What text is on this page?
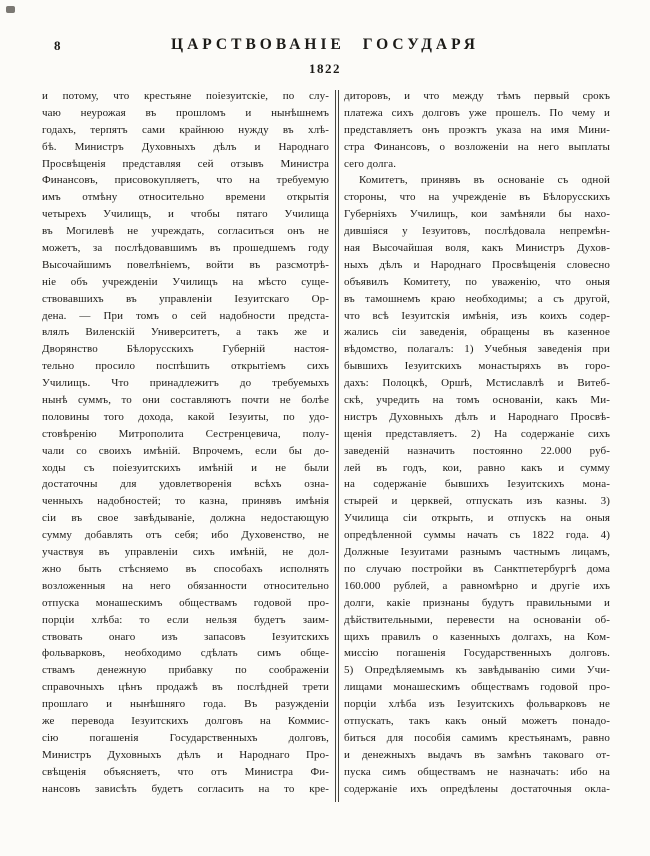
8	ЦАРСТВОВАНІЕ ГОСУДАРЯ
1822
и потому, что крестьяне поіезуитскіе, по слу-
чаю неурожая въ прошломъ и нынѣшнемъ
годахъ, терпятъ сами крайнюю нужду въ хлѣ-
бѣ. Министръ Духовныхъ дѣлъ и Народнаго
Просвѣщенія представляя сей отзывъ Министра
Финансовъ, присовокупляетъ, что на требуемую
имъ отмѣну относительно времени открытія
четырехъ Училищъ, и чтобы пятаго Училища
въ Могилевѣ не учреждать, согласиться онъ не
можетъ, за послѣдовавшимъ въ прошедшемъ году
Высочайшимъ повелѣніемъ, войти въ разсмотрѣ-
ніе объ учрежденіи Училищъ на мѣсто суще-
ствовавшихъ въ управленіи Іезуитскаго Ор-
дена. — При томъ о сей надобности предста-
влялъ Виленскій Университетъ, а такъ же и
Дворянство Бѣлорусскихъ Губерній настоя-
тельно просило поспѣшить открытіемъ сихъ
Училищъ. Что принадлежитъ до требуемыхъ
нынѣ суммъ, то они составляютъ почти не болѣе
половины того дохода, какой Іезуиты, по удо-
стовѣренію Митрополита Сестренцевича, полу-
чали со своихъ имѣній. Впрочемъ, если бы до-
ходы съ поіезуитскихъ имѣній и не были
достаточны для удовлетворенія всѣхъ озна-
ченныхъ надобностей; то казна, принявъ имѣнія
сіи въ свое завѣдываніе, должна недостающую
сумму добавлять отъ себя; ибо Духовенство, не
участвуя въ управленіи сихъ имѣній, не дол-
жно быть стѣсняемо въ способахъ исполнять
возложенныя на него обязанности относительно
отпуска монашескимъ обществамъ годовой про-
порціи хлѣба: то если нельзя будетъ заим-
ствовать онаго изъ запасовъ Іезуитскихъ
фольварковъ, необходимо сдѣлать симъ обще-
ствамъ денежную прибавку по соображеніи
справочныхъ цѣнъ продажѣ въ послѣдней трети
прошлаго и нынѣшняго года. Въ разужденіи
же перевода Іезуитскихъ долговъ на Коммис-
сію погашенія Государственныхъ долговъ,
Министръ Духовныхъ дѣлъ и Народнаго Про-
свѣщенія объясняетъ, что отъ Министра Фи-
нансовъ зависѣть будетъ согласить на то кре-
диторовъ, и что между тѣмъ первый срокъ
платежа сихъ долговъ уже прошелъ. По чему и
представляетъ онъ проэктъ указа на имя Мини-
стра Финансовъ, о возложеніи на него выплаты
сего долга.
Комитетъ, принявъ въ основаніе съ одной
стороны, что на учрежденіе въ Бѣлорусскихъ
Губерніяхъ Училищъ, кои замѣняли бы нахо-
дившіяся у Іезуитовъ, послѣдовала непремѣн-
ная Высочайшая воля, какъ Министръ Духов-
ныхъ дѣлъ и Народнаго Просвѣщенія словесно
объявилъ Комитету, по уваженію, что оныя
въ тамошнемъ краю необходимы; а съ другой,
что всѣ Іезуитскія имѣнія, изъ коихъ содер-
жались сіи заведенія, обращены въ казенное
вѣдомство, полагалъ: 1) Учебныя заведенія при
бывшихъ Іезуитскихъ монастыряхъ въ горо-
дахъ: Полоцкѣ, Оршѣ, Мстиславлѣ и Витеб-
скѣ, учредить на томъ основаніи, какъ Ми-
нистръ Духовныхъ дѣлъ и Народнаго Просвѣ-
щенія представляетъ. 2) На содержаніе сихъ
заведеній назначить постоянно 22.000 руб-
лей въ годъ, кои, равно какъ и сумму
на содержаніе бывшихъ Іезуитскихъ мона-
стырей и церквей, отпускать изъ казны. 3)
Училища сіи открыть, и отпускъ на оныя
опредѣленной суммы начать съ 1822 года. 4)
Должные Іезуитами разнымъ частнымъ лицамъ,
по случаю постройки въ Санктпетербургѣ дома
160.000 рублей, а равномѣрно и другіе ихъ
долги, какіе признаны будутъ правильными и
дѣйствительными, перевести на основаніи об-
щихъ правилъ о казенныхъ долгахъ, на Ком-
миссію погашенія Государственныхъ долговъ.
5) Опредѣляемымъ къ завѣдыванію сими Учи-
лищами монашескимъ обществамъ годовой про-
порціи хлѣба изъ Іезуитскихъ фольварковъ не
отпускать, такъ какъ оный можетъ понадо-
биться для пособія самимъ крестьянамъ, равно
и денежныхъ выдачъ въ замѣнъ таковаго от-
пуска симъ обществамъ не назначать: ибо на
содержаніе ихъ опредѣлены достаточныя окла-
